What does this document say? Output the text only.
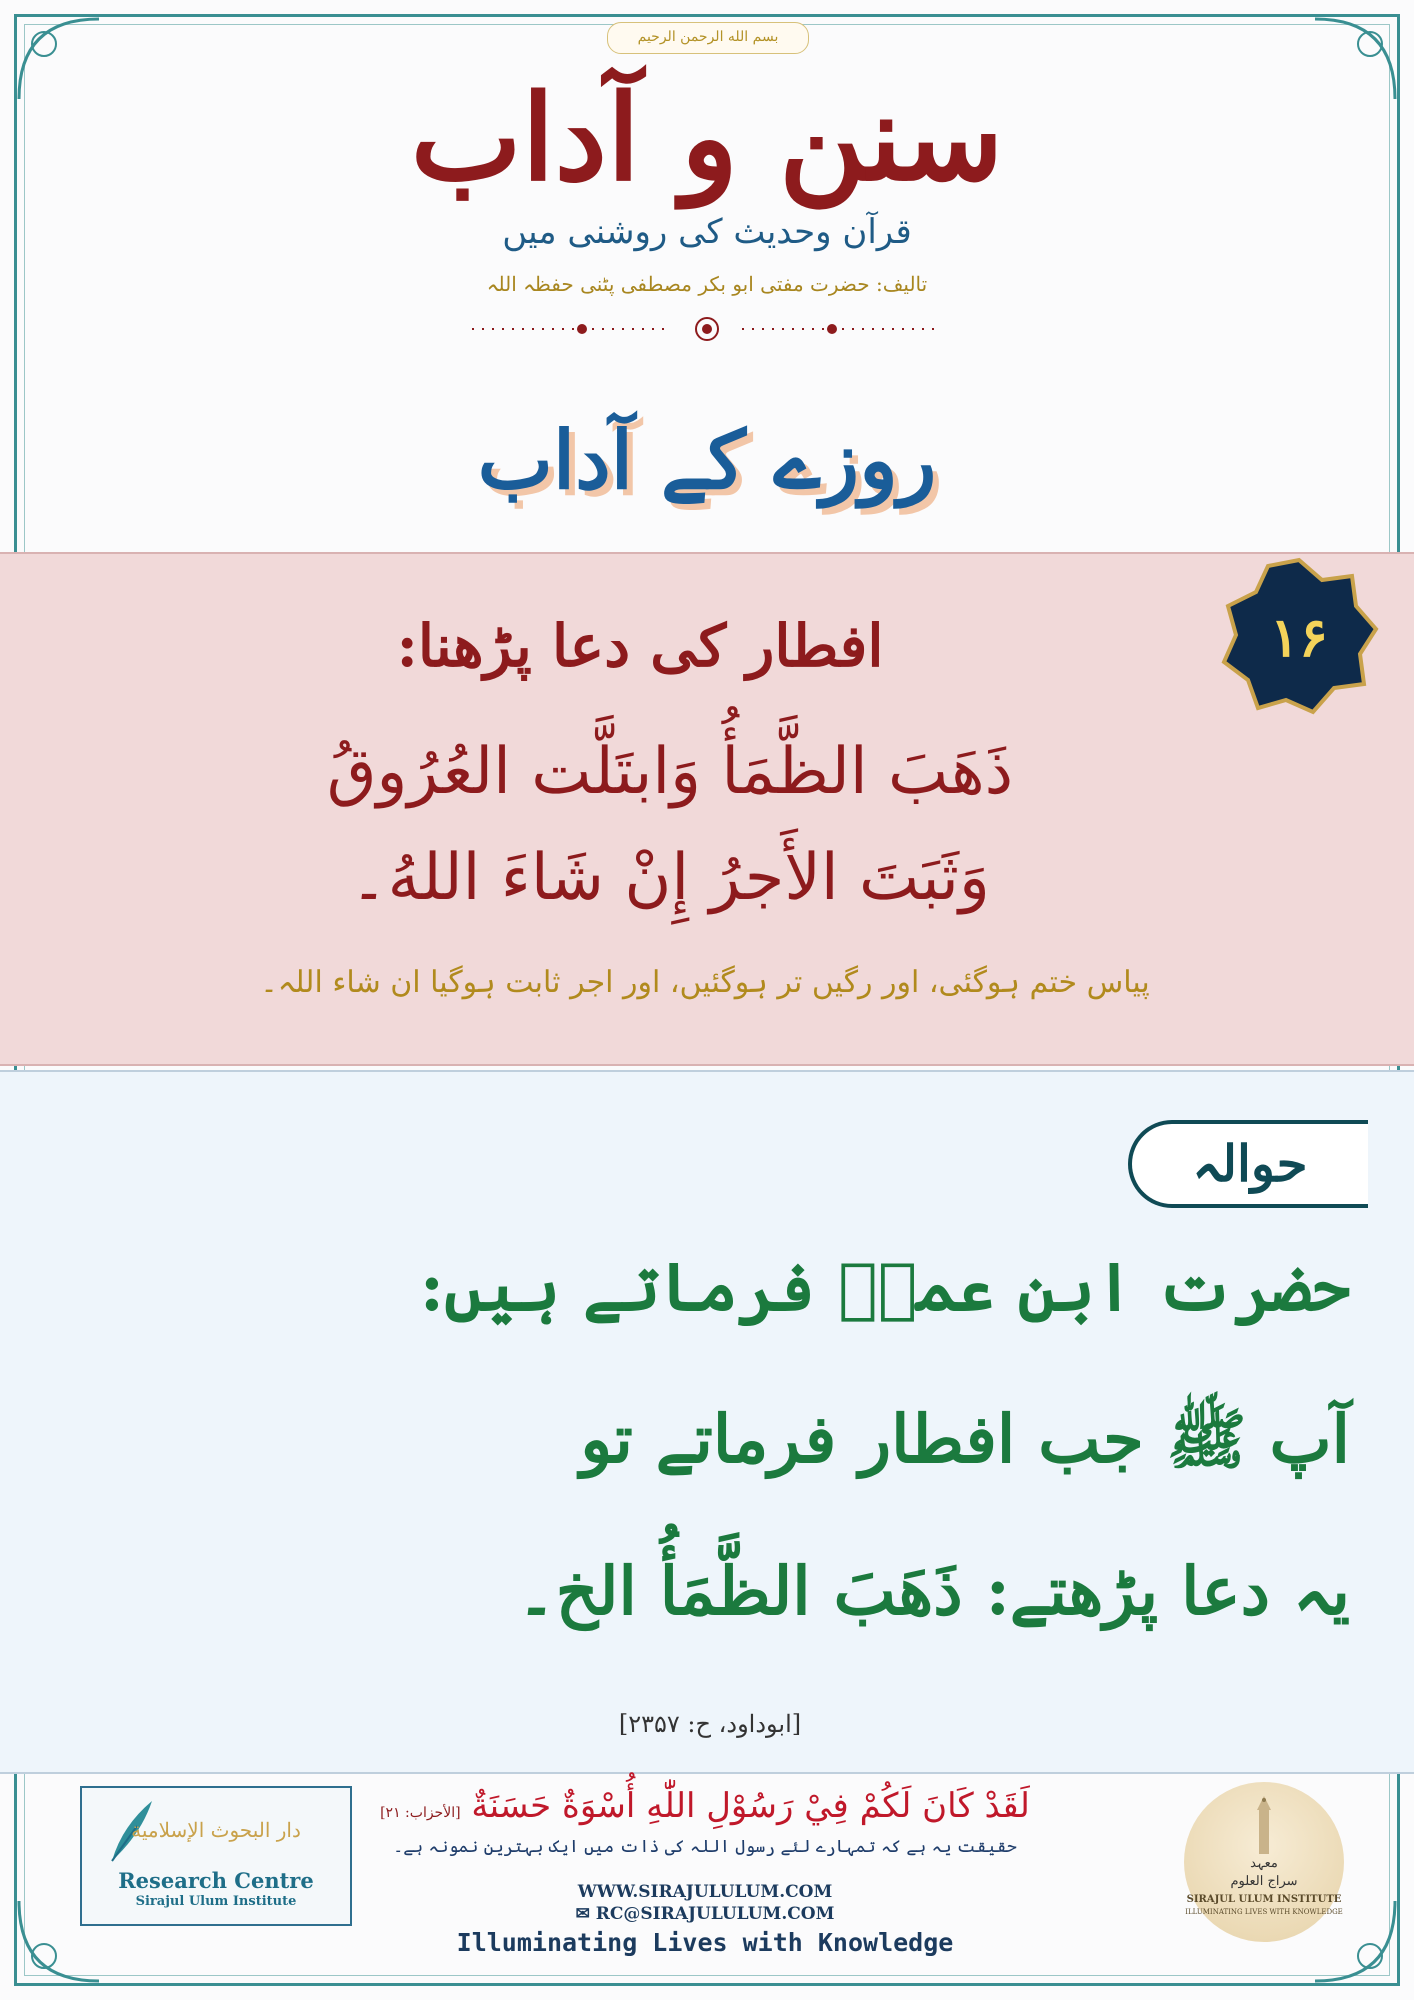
بسم الله الرحمن الرحيم
سنن و آداب
قرآن وحدیث کی روشنی میں
تالیف: حضرت مفتی ابو بکر مصطفی پٹنی حفظہ اللہ
روزے کے آداب
۱۶
افطار کی دعا پڑھنا:
ذَهَبَ الظَّمَأُ وَابتَلَّت العُرُوقُ
وَثَبَتَ الأَجرُ إِنْ شَاءَ اللهُ۔
پیاس ختم ہوگئی، اور رگیں تر ہوگئیں، اور اجر ثابت ہوگیا ان شاء اللہ۔
حوالہ
حضرت ابن عمرؓ فرماتے ہیں:
آپ ﷺ جب افطار فرماتے تو
یہ دعا پڑھتے: ذَهَبَ الظَّمَأُ الخ۔
[ابوداود، ح: ۲۳۵۷]
دار البحوث الإسلامية
Research Centre
Sirajul Ulum Institute
لَقَدْ كَانَ لَكُمْ فِيْ رَسُوْلِ اللّٰهِ أُسْوَةٌ حَسَنَةٌ [الأحزاب: ۲۱]
حقیقت یہ ہے کہ تمہارے لئے رسول اللہ کی ذات میں ایک بہترین نمونہ ہے۔
WWW.SIRAJULULUM.COM
✉ RC@SIRAJULULUM.COM
Illuminating Lives with Knowledge
معہد
سراج العلوم
SIRAJUL ULUM INSTITUTE
ILLUMINATING LIVES WITH KNOWLEDGE
